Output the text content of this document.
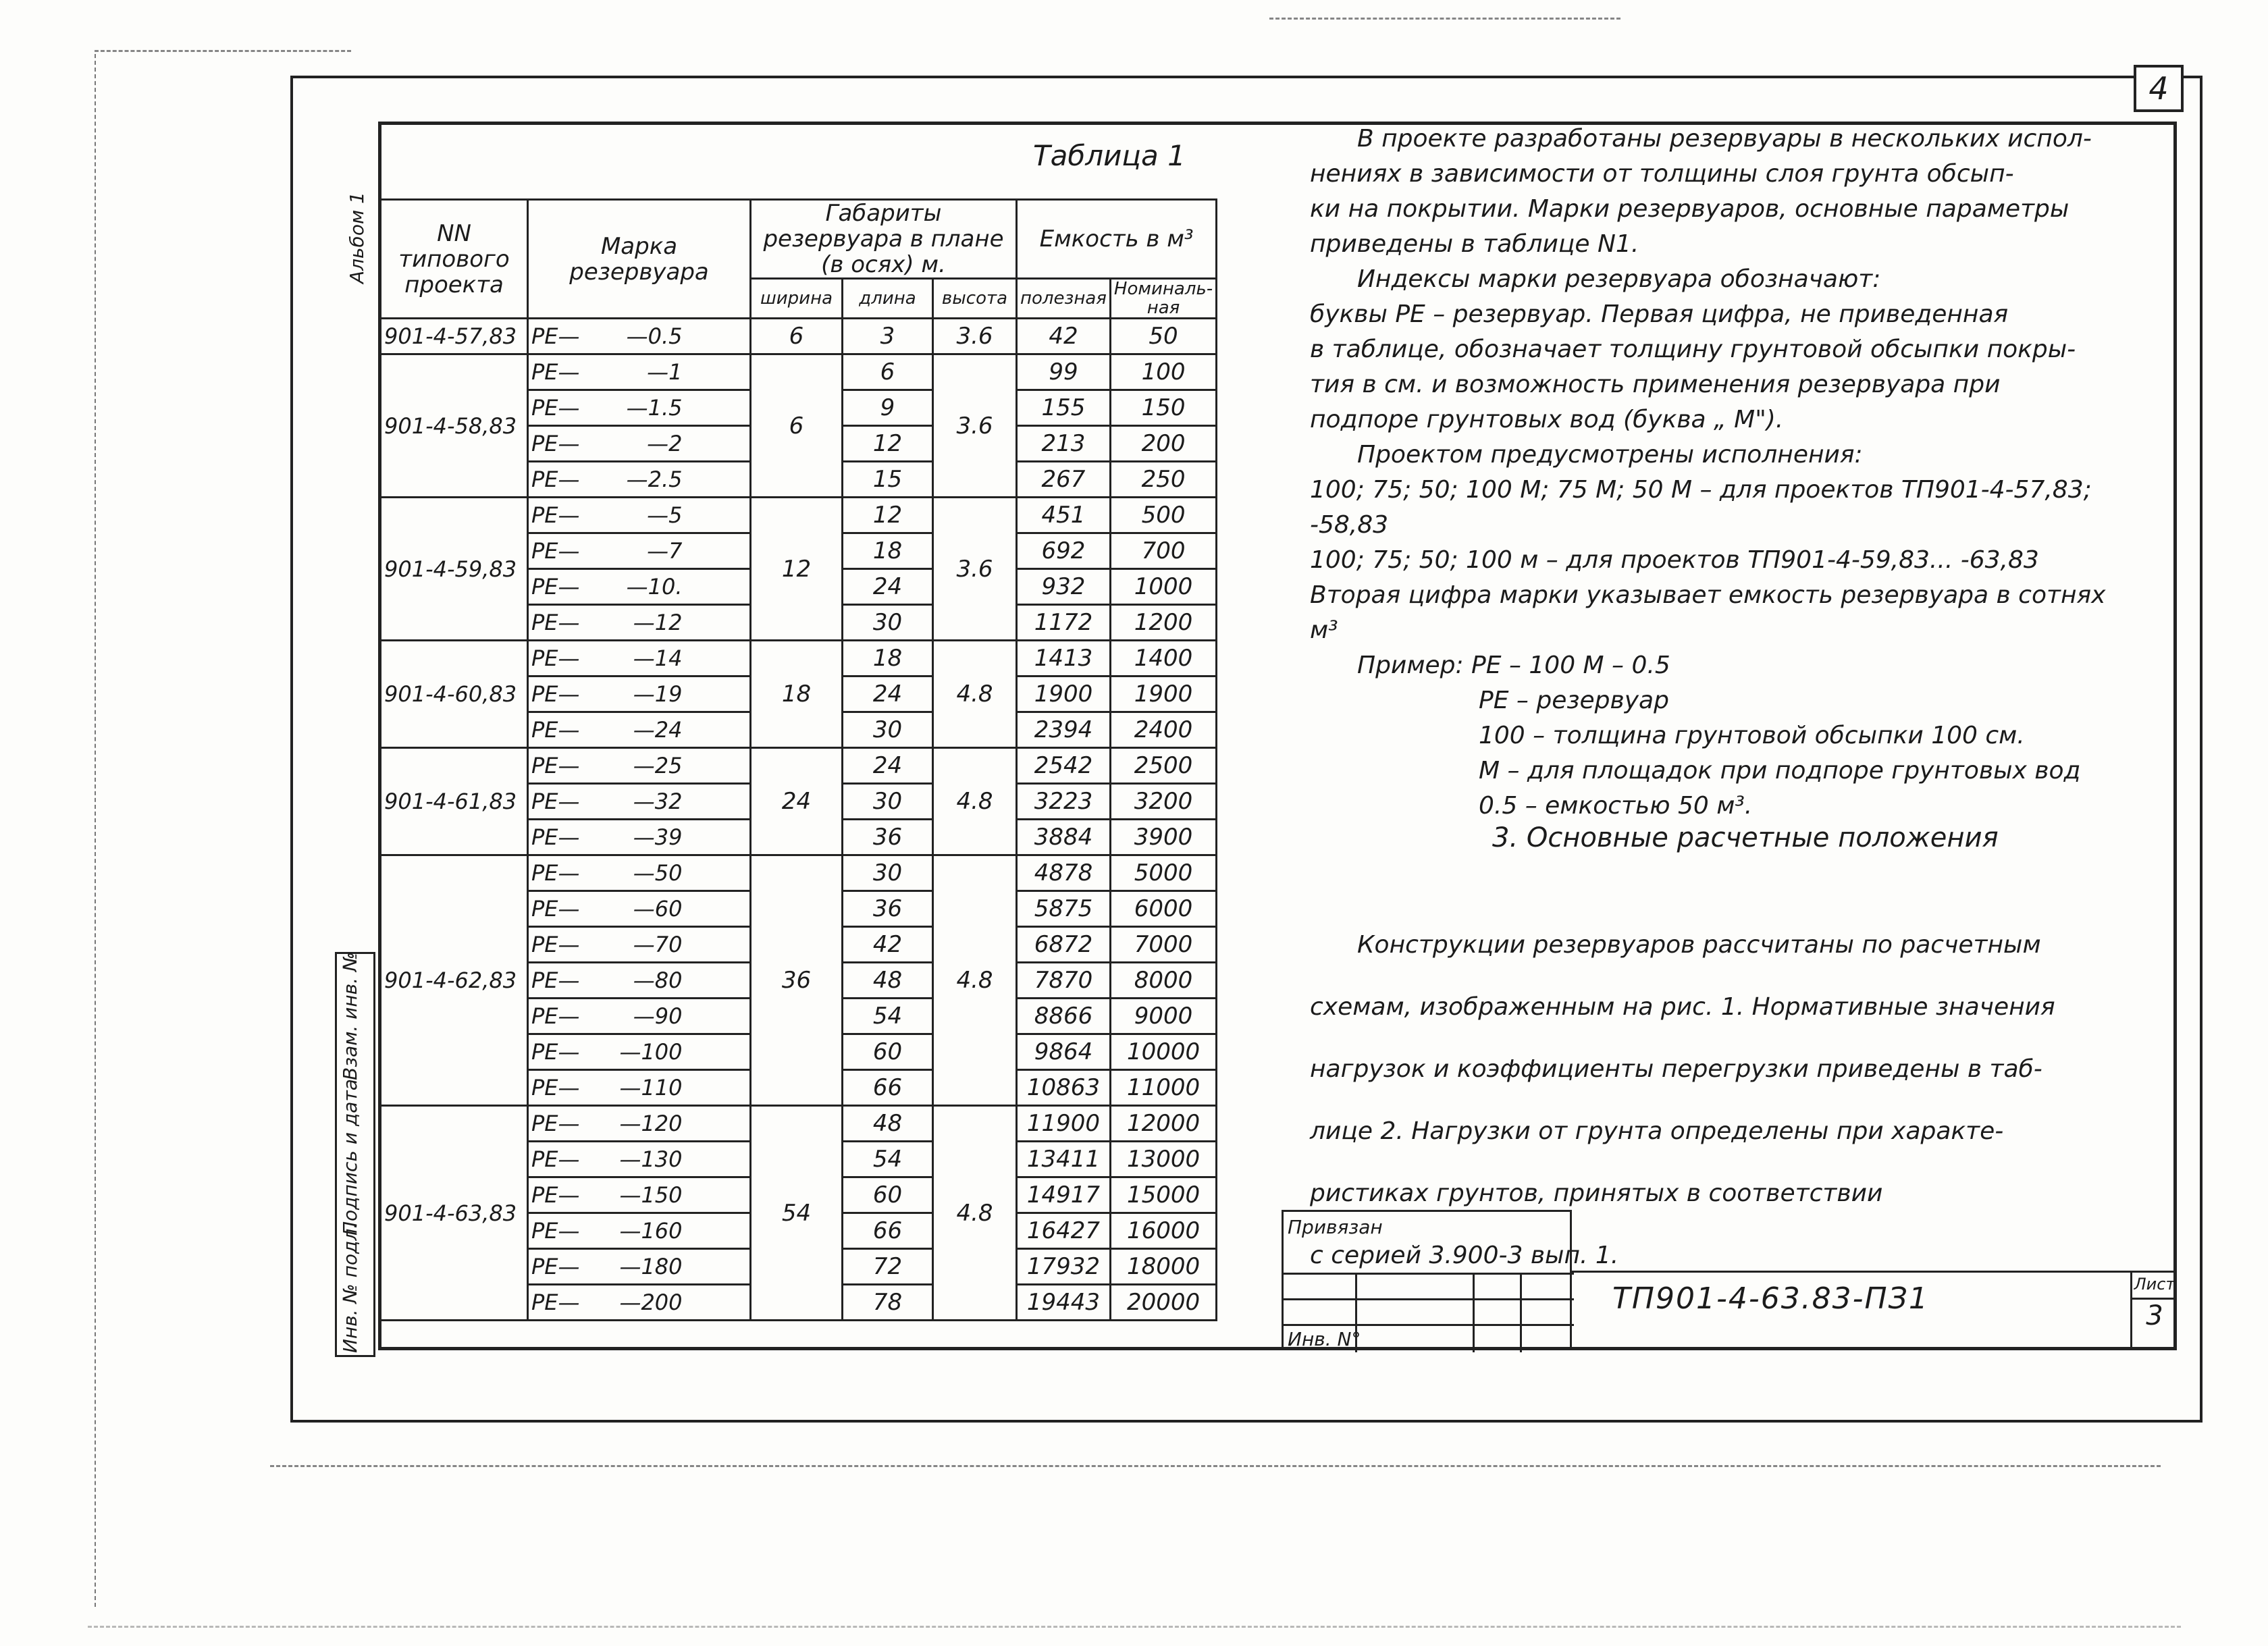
4
Альбом 1
Инв. № подл.
Подпись и дата
Взам. инв. №
Таблица 1
NN типового проекта	Марка резервуара	Габариты резервуара в плане (в осях) м.			Емкость в м³	
		ширина	длина	высота	полезная	Номиналь-ная
901-4-57,83	PE— —0.5	6	3	3.6	42	50
901-4-58,83	PE— —1	6	6	3.6	99	100
	PE— —1.5		9		155	150
	PE— —2		12		213	200
	PE— —2.5		15		267	250
901-4-59,83	PE— —5	12	12	3.6	451	500
	PE— —7		18		692	700
	PE— —10.		24		932	1000
	PE— —12		30		1172	1200
901-4-60,83	PE— —14	18	18	4.8	1413	1400
	PE— —19		24		1900	1900
	PE— —24		30		2394	2400
901-4-61,83	PE— —25	24	24	4.8	2542	2500
	PE— —32		30		3223	3200
	PE— —39		36		3884	3900
901-4-62,83	PE— —50	36	30	4.8	4878	5000
	PE— —60		36		5875	6000
	PE— —70		42		6872	7000
	PE— —80		48		7870	8000
	PE— —90		54		8866	9000
	PE— —100		60		9864	10000
	PE— —110		66		10863	11000
901-4-63,83	PE— —120	54	48	4.8	11900	12000
	PE— —130		54		13411	13000
	PE— —150		60		14917	15000
	PE— —160		66		16427	16000
	PE— —180		72		17932	18000
	PE— —200		78		19443	20000

В проекте разработаны резервуары в нескольких испол-

нениях в зависимости от толщины слоя грунта обсып-

ки на покрытии. Марки резервуаров, основные параметры

приведены в таблице N1.

Индексы марки резервуара обозначают:

буквы PE – резервуар. Первая цифра, не приведенная

в таблице, обозначает толщину грунтовой обсыпки покры-

тия в см. и возможность применения резервуара при

подпоре грунтовых вод (буква „ М").

Проектом предусмотрены исполнения:

100; 75; 50; 100 М; 75 М; 50 М – для проектов ТП901-4-57,83; -58,83

100; 75; 50; 100 м – для проектов ТП901-4-59,83... -63,83

Вторая цифра марки указывает емкость резервуара в сотнях м³

Пример: PE – 100 М – 0.5

PE – резервуар

100 – толщина грунтовой обсыпки 100 см.

М – для площадок при подпоре грунтовых вод

0.5 – емкостью 50 м³.

3. Основные расчетные положения

Конструкции резервуаров рассчитаны по расчетным

схемам, изображенным на рис. 1. Нормативные значения

нагрузок и коэффициенты перегрузки приведены в таб-

лице 2. Нагрузки от грунта определены при характе-

ристиках грунтов, принятых в соответствии

с серией 3.900-3 вып. 1.

Привязан
Инв. N°
ТП901-4-63.83-ПЗ1	Лист
3
